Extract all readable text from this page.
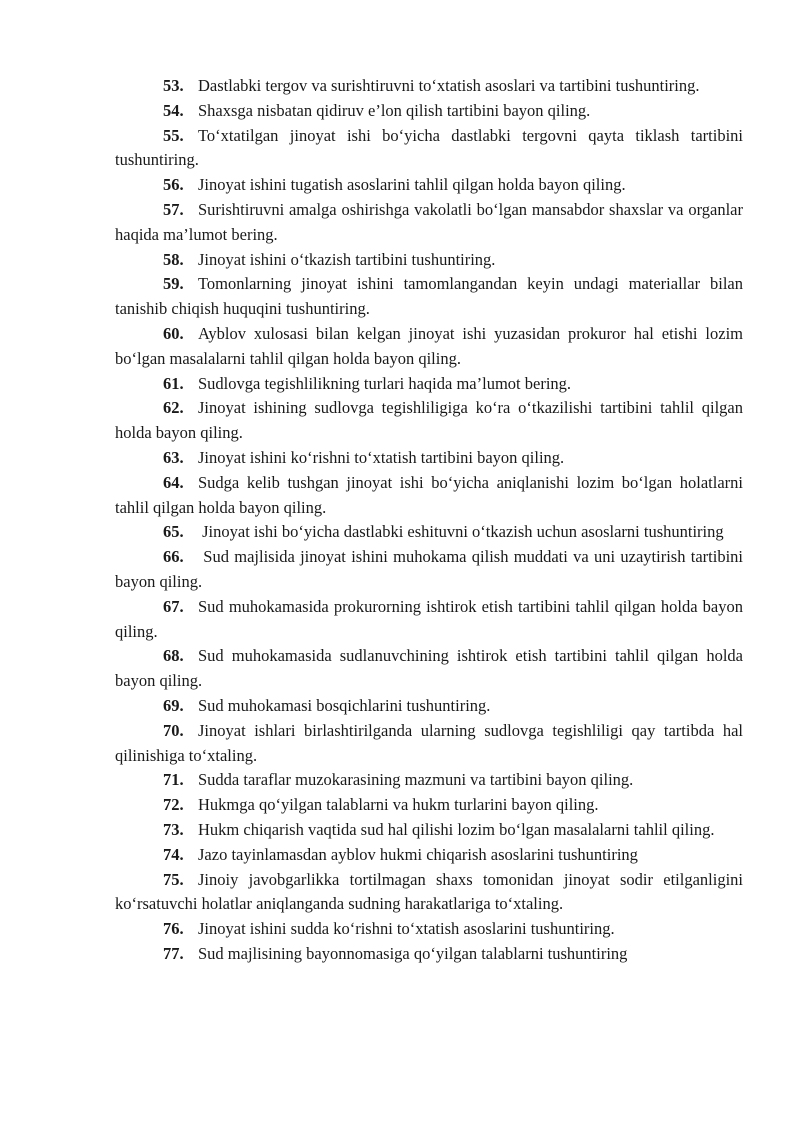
53. Dastlabki tergov va surishtiruvni to‘xtatish asoslari va tartibini tushuntiring.

54. Shaxsga nisbatan qidiruv e’lon qilish tartibini bayon qiling.

55. To‘xtatilgan jinoyat ishi bo‘yicha dastlabki tergovni qayta tiklash tartibini tushuntiring.

56. Jinoyat ishini tugatish asoslarini tahlil qilgan holda bayon qiling.

57. Surishtiruvni amalga oshirishga vakolatli bo‘lgan mansabdor shaxslar va organlar haqida ma’lumot bering.

58. Jinoyat ishini o‘tkazish tartibini tushuntiring.

59. Tomonlarning jinoyat ishini tamomlangandan keyin undagi materiallar bilan tanishib chiqish huquqini tushuntiring.

60. Ayblov xulosasi bilan kelgan jinoyat ishi yuzasidan prokuror hal etishi lozim bo‘lgan masalalarni tahlil qilgan holda bayon qiling.

61. Sudlovga tegishlilikning turlari haqida ma’lumot bering.

62. Jinoyat ishining sudlovga tegishliligiga ko‘ra o‘tkazilishi tartibini tahlil qilgan holda bayon qiling.

63. Jinoyat ishini ko‘rishni to‘xtatish tartibini bayon qiling.

64. Sudga kelib tushgan jinoyat ishi bo‘yicha aniqlanishi lozim bo‘lgan holatlarni tahlil qilgan holda bayon qiling.

65. Jinoyat ishi bo‘yicha dastlabki eshituvni o‘tkazish uchun asoslarni tushuntiring

66. Sud majlisida jinoyat ishini muhokama qilish muddati va uni uzaytirish tartibini bayon qiling.

67. Sud muhokamasida prokurorning ishtirok etish tartibini tahlil qilgan holda bayon qiling.

68. Sud muhokamasida sudlanuvchining ishtirok etish tartibini tahlil qilgan holda bayon qiling.

69. Sud muhokamasi bosqichlarini tushuntiring.

70. Jinoyat ishlari birlashtirilganda ularning sudlovga tegishliligi qay tartibda hal qilinishiga to‘xtaling.

71. Sudda taraflar muzokarasining mazmuni va tartibini bayon qiling.

72. Hukmga qo‘yilgan talablarni va hukm turlarini bayon qiling.

73. Hukm chiqarish vaqtida sud hal qilishi lozim bo‘lgan masalalarni tahlil qiling.

74. Jazo tayinlamasdan ayblov hukmi chiqarish asoslarini tushuntiring

75. Jinoiy javobgarlikka tortilmagan shaxs tomonidan jinoyat sodir etilganligini ko‘rsatuvchi holatlar aniqlanganda sudning harakatlariga to‘xtaling.

76. Jinoyat ishini sudda ko‘rishni to‘xtatish asoslarini tushuntiring.

77. Sud majlisining bayonnomasiga qo‘yilgan talablarni tushuntiring
